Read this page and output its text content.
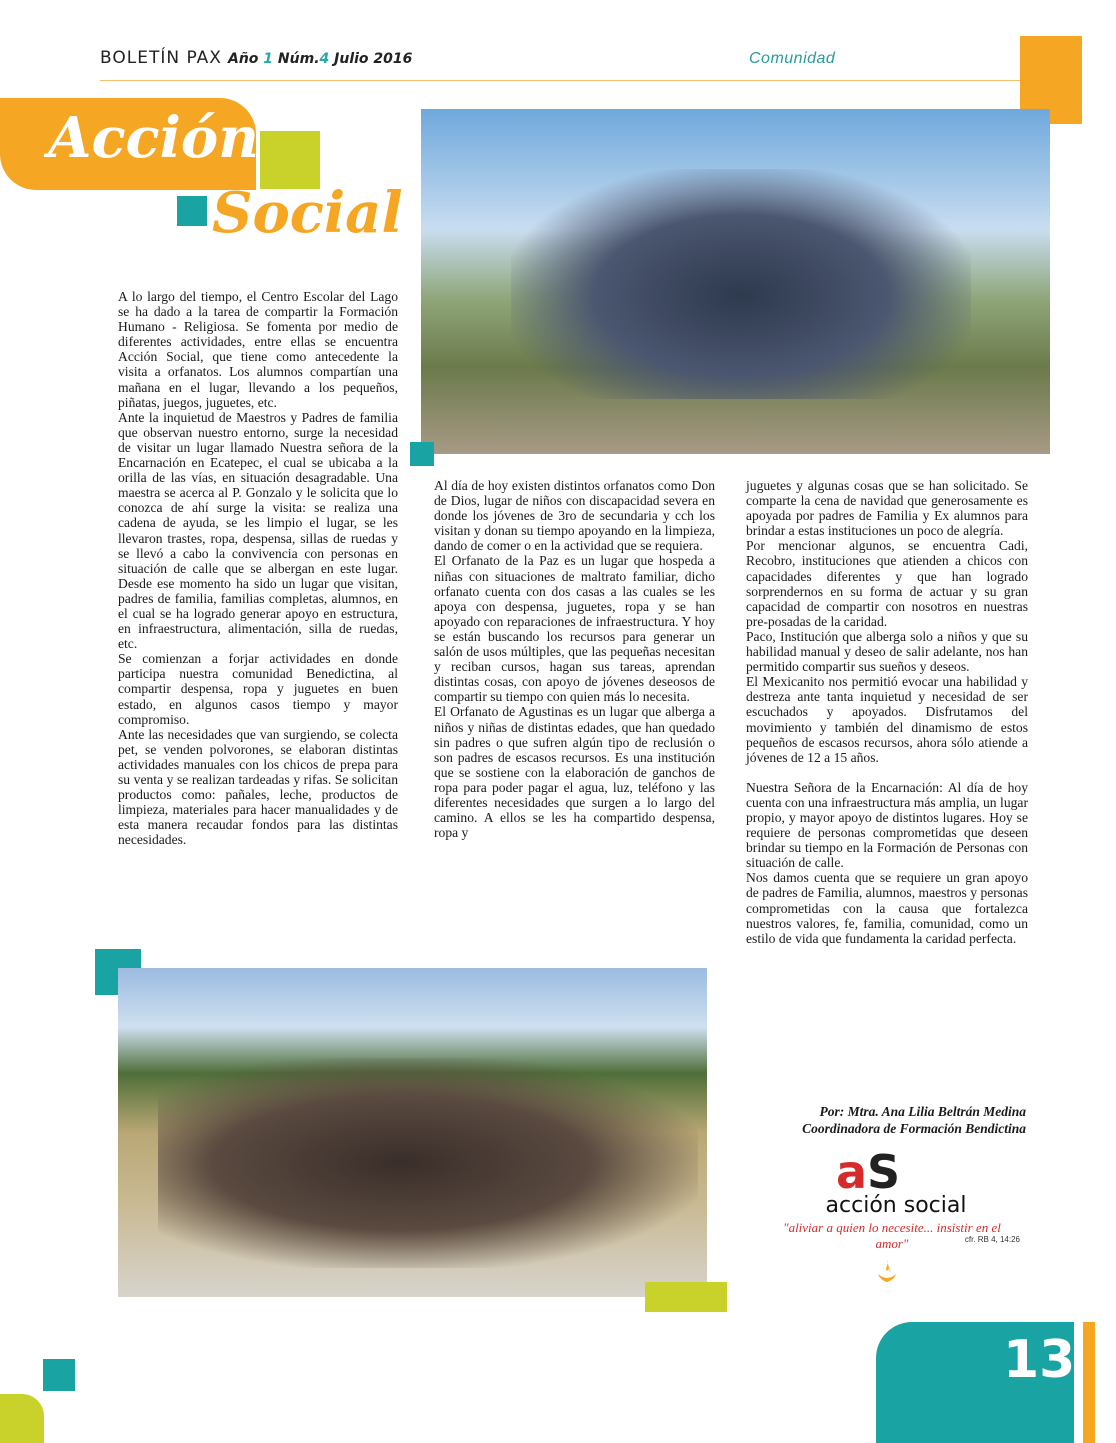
BOLETÍN PAX Año 1 Núm.4 Julio 2016	Comunidad
Acción
Social

A lo largo del tiempo, el Centro Escolar del Lago se ha dado a la tarea de compartir la Formación Humano - Religiosa. Se fomenta por medio de diferentes actividades, entre ellas se encuentra Acción Social, que tiene como antecedente la visita a orfanatos. Los alumnos compartían una mañana en el lugar, llevando a los pequeños, piñatas, juegos, juguetes, etc.

Ante la inquietud de Maestros y Padres de familia que observan nuestro entorno, surge la necesidad de visitar un lugar llamado Nuestra señora de la Encarnación en Ecatepec, el cual se ubicaba a la orilla de las vías, en situación desagradable. Una maestra se acerca al P. Gonzalo y le solicita que lo conozca de ahí surge la visita: se realiza una cadena de ayuda, se les limpio el lugar, se les llevaron trastes, ropa, despensa, sillas de ruedas y se llevó a cabo la convivencia con personas en situación de calle que se albergan en este lugar. Desde ese momento ha sido un lugar que visitan, padres de familia, familias completas, alumnos, en el cual se ha logrado generar apoyo en estructura, en infraestructura, alimentación, silla de ruedas, etc.

Se comienzan a forjar actividades en donde participa nuestra comunidad Benedictina, al compartir despensa, ropa y juguetes en buen estado, en algunos casos tiempo y mayor compromiso.

Ante las necesidades que van surgiendo, se colecta pet, se venden polvorones, se elaboran distintas actividades manuales con los chicos de prepa para su venta y se realizan tardeadas y rifas. Se solicitan productos como: pañales, leche, productos de limpieza, materiales para hacer manualidades y de esta manera recaudar fondos para las distintas necesidades.

Al día de hoy existen distintos orfanatos como Don de Dios, lugar de niños con discapacidad severa en donde los jóvenes de 3ro de secundaria y cch los visitan y donan su tiempo apoyando en la limpieza, dando de comer o en la actividad que se requiera.

El Orfanato de la Paz es un lugar que hospeda a niñas con situaciones de maltrato familiar, dicho orfanato cuenta con dos casas a las cuales se les apoya con despensa, juguetes, ropa y se han apoyado con reparaciones de infraestructura. Y hoy se están buscando los recursos para generar un salón de usos múltiples, que las pequeñas necesitan y reciban cursos, hagan sus tareas, aprendan distintas cosas, con apoyo de jóvenes deseosos de compartir su tiempo con quien más lo necesita.

El Orfanato de Agustinas es un lugar que alberga a niños y niñas de distintas edades, que han quedado sin padres o que sufren algún tipo de reclusión o son padres de escasos recursos. Es una institución que se sostiene con la elaboración de ganchos de ropa para poder pagar el agua, luz, teléfono y las diferentes necesidades que surgen a lo largo del camino. A ellos se les ha compartido despensa, ropa y

juguetes y algunas cosas que se han solicitado. Se comparte la cena de navidad que generosamente es apoyada por padres de Familia y Ex alumnos para brindar a estas instituciones un poco de alegría.

Por mencionar algunos, se encuentra Cadi, Recobro, instituciones que atienden a chicos con capacidades diferentes y que han logrado sorprendernos en su forma de actuar y su gran capacidad de compartir con nosotros en nuestras pre-posadas de la caridad.

Paco, Institución que alberga solo a niños y que su habilidad manual y deseo de salir adelante, nos han permitido compartir sus sueños y deseos.

El Mexicanito nos permitió evocar una habilidad y destreza ante tanta inquietud y necesidad de ser escuchados y apoyados. Disfrutamos del movimiento y también del dinamismo de estos pequeños de escasos recursos, ahora sólo atiende a jóvenes de 12 a 15 años.

Nuestra Señora de la Encarnación: Al día de hoy cuenta con una infraestructura más amplia, un lugar propio, y mayor apoyo de distintos lugares. Hoy se requiere de personas comprometidas que deseen brindar su tiempo en la Formación de Personas con situación de calle.

Nos damos cuenta que se requiere un gran apoyo de padres de Familia, alumnos, maestros y personas comprometidas con la causa que fortalezca nuestros valores, fe, familia, comunidad, como un estilo de vida que fundamenta la caridad perfecta.

Por: Mtra. Ana Lilia Beltrán Medina
Coordinadora de Formación Bendictina
aS
acción social
"aliviar a quien lo necesite... insistir en el amor"	cfr. RB 4, 14:26
13
